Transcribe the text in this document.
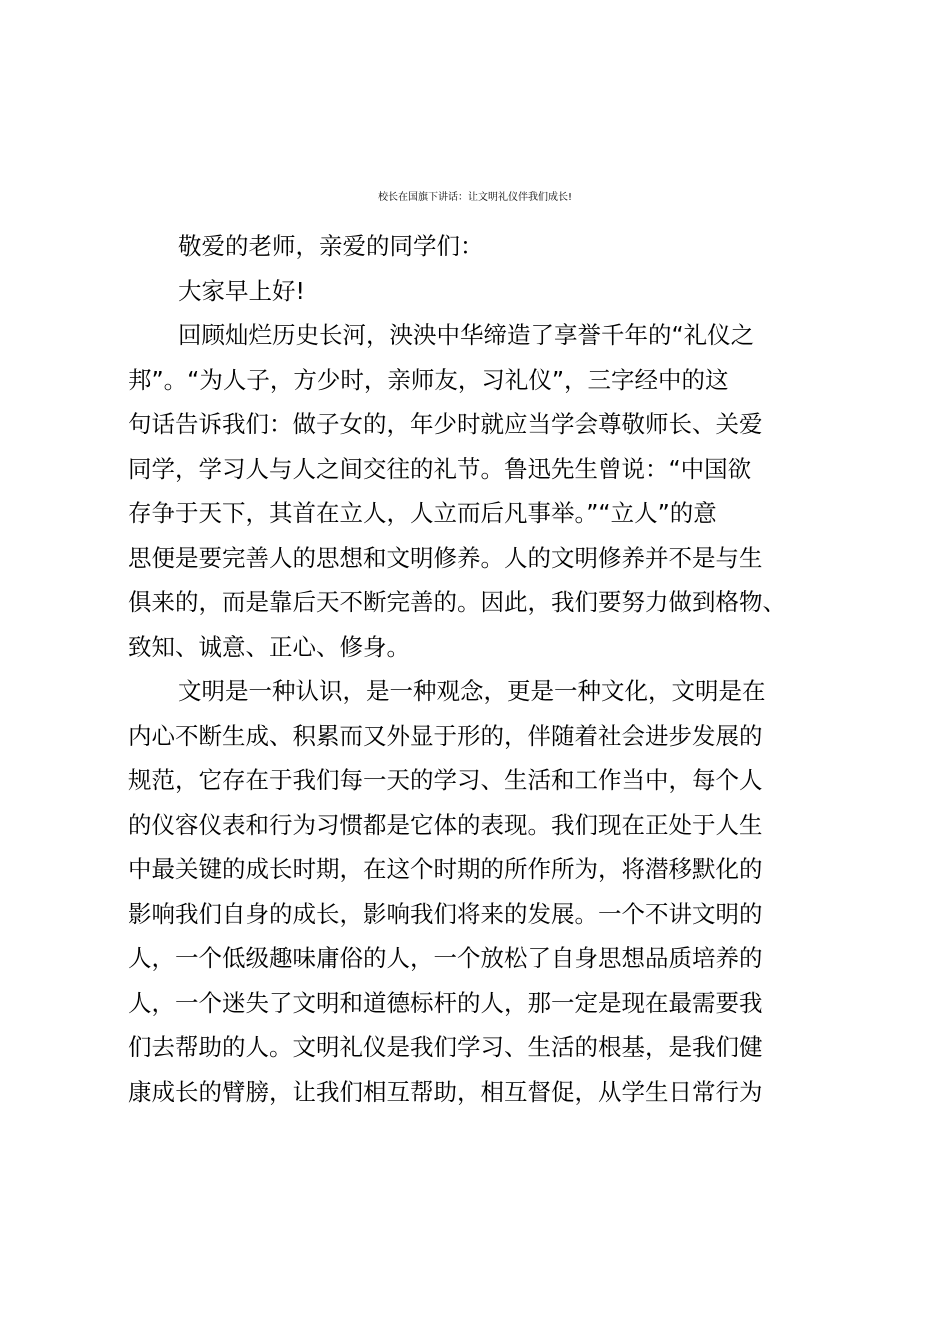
校长在国旗下讲话：让文明礼仪伴我们成长!
敬爱的老师，亲爱的同学们：
大家早上好!
回顾灿烂历史长河，泱泱中华缔造了享誉千年的“礼仪之
邦”。“为人子，方少时，亲师友，习礼仪”，三字经中的这
句话告诉我们：做子女的，年少时就应当学会尊敬师长、关爱
同学，学习人与人之间交往的礼节。鲁迅先生曾说：“中国欲
存争于天下，其首在立人，人立而后凡事举。”“立人”的意
思便是要完善人的思想和文明修养。人的文明修养并不是与生
俱来的，而是靠后天不断完善的。因此，我们要努力做到格物、
致知、诚意、正心、修身。
文明是一种认识，是一种观念，更是一种文化，文明是在
内心不断生成、积累而又外显于形的，伴随着社会进步发展的
规范，它存在于我们每一天的学习、生活和工作当中，每个人
的仪容仪表和行为习惯都是它体的表现。我们现在正处于人生
中最关键的成长时期，在这个时期的所作所为，将潜移默化的
影响我们自身的成长，影响我们将来的发展。一个不讲文明的
人，一个低级趣味庸俗的人，一个放松了自身思想品质培养的
人，一个迷失了文明和道德标杆的人，那一定是现在最需要我
们去帮助的人。文明礼仪是我们学习、生活的根基，是我们健
康成长的臂膀，让我们相互帮助，相互督促，从学生日常行为
